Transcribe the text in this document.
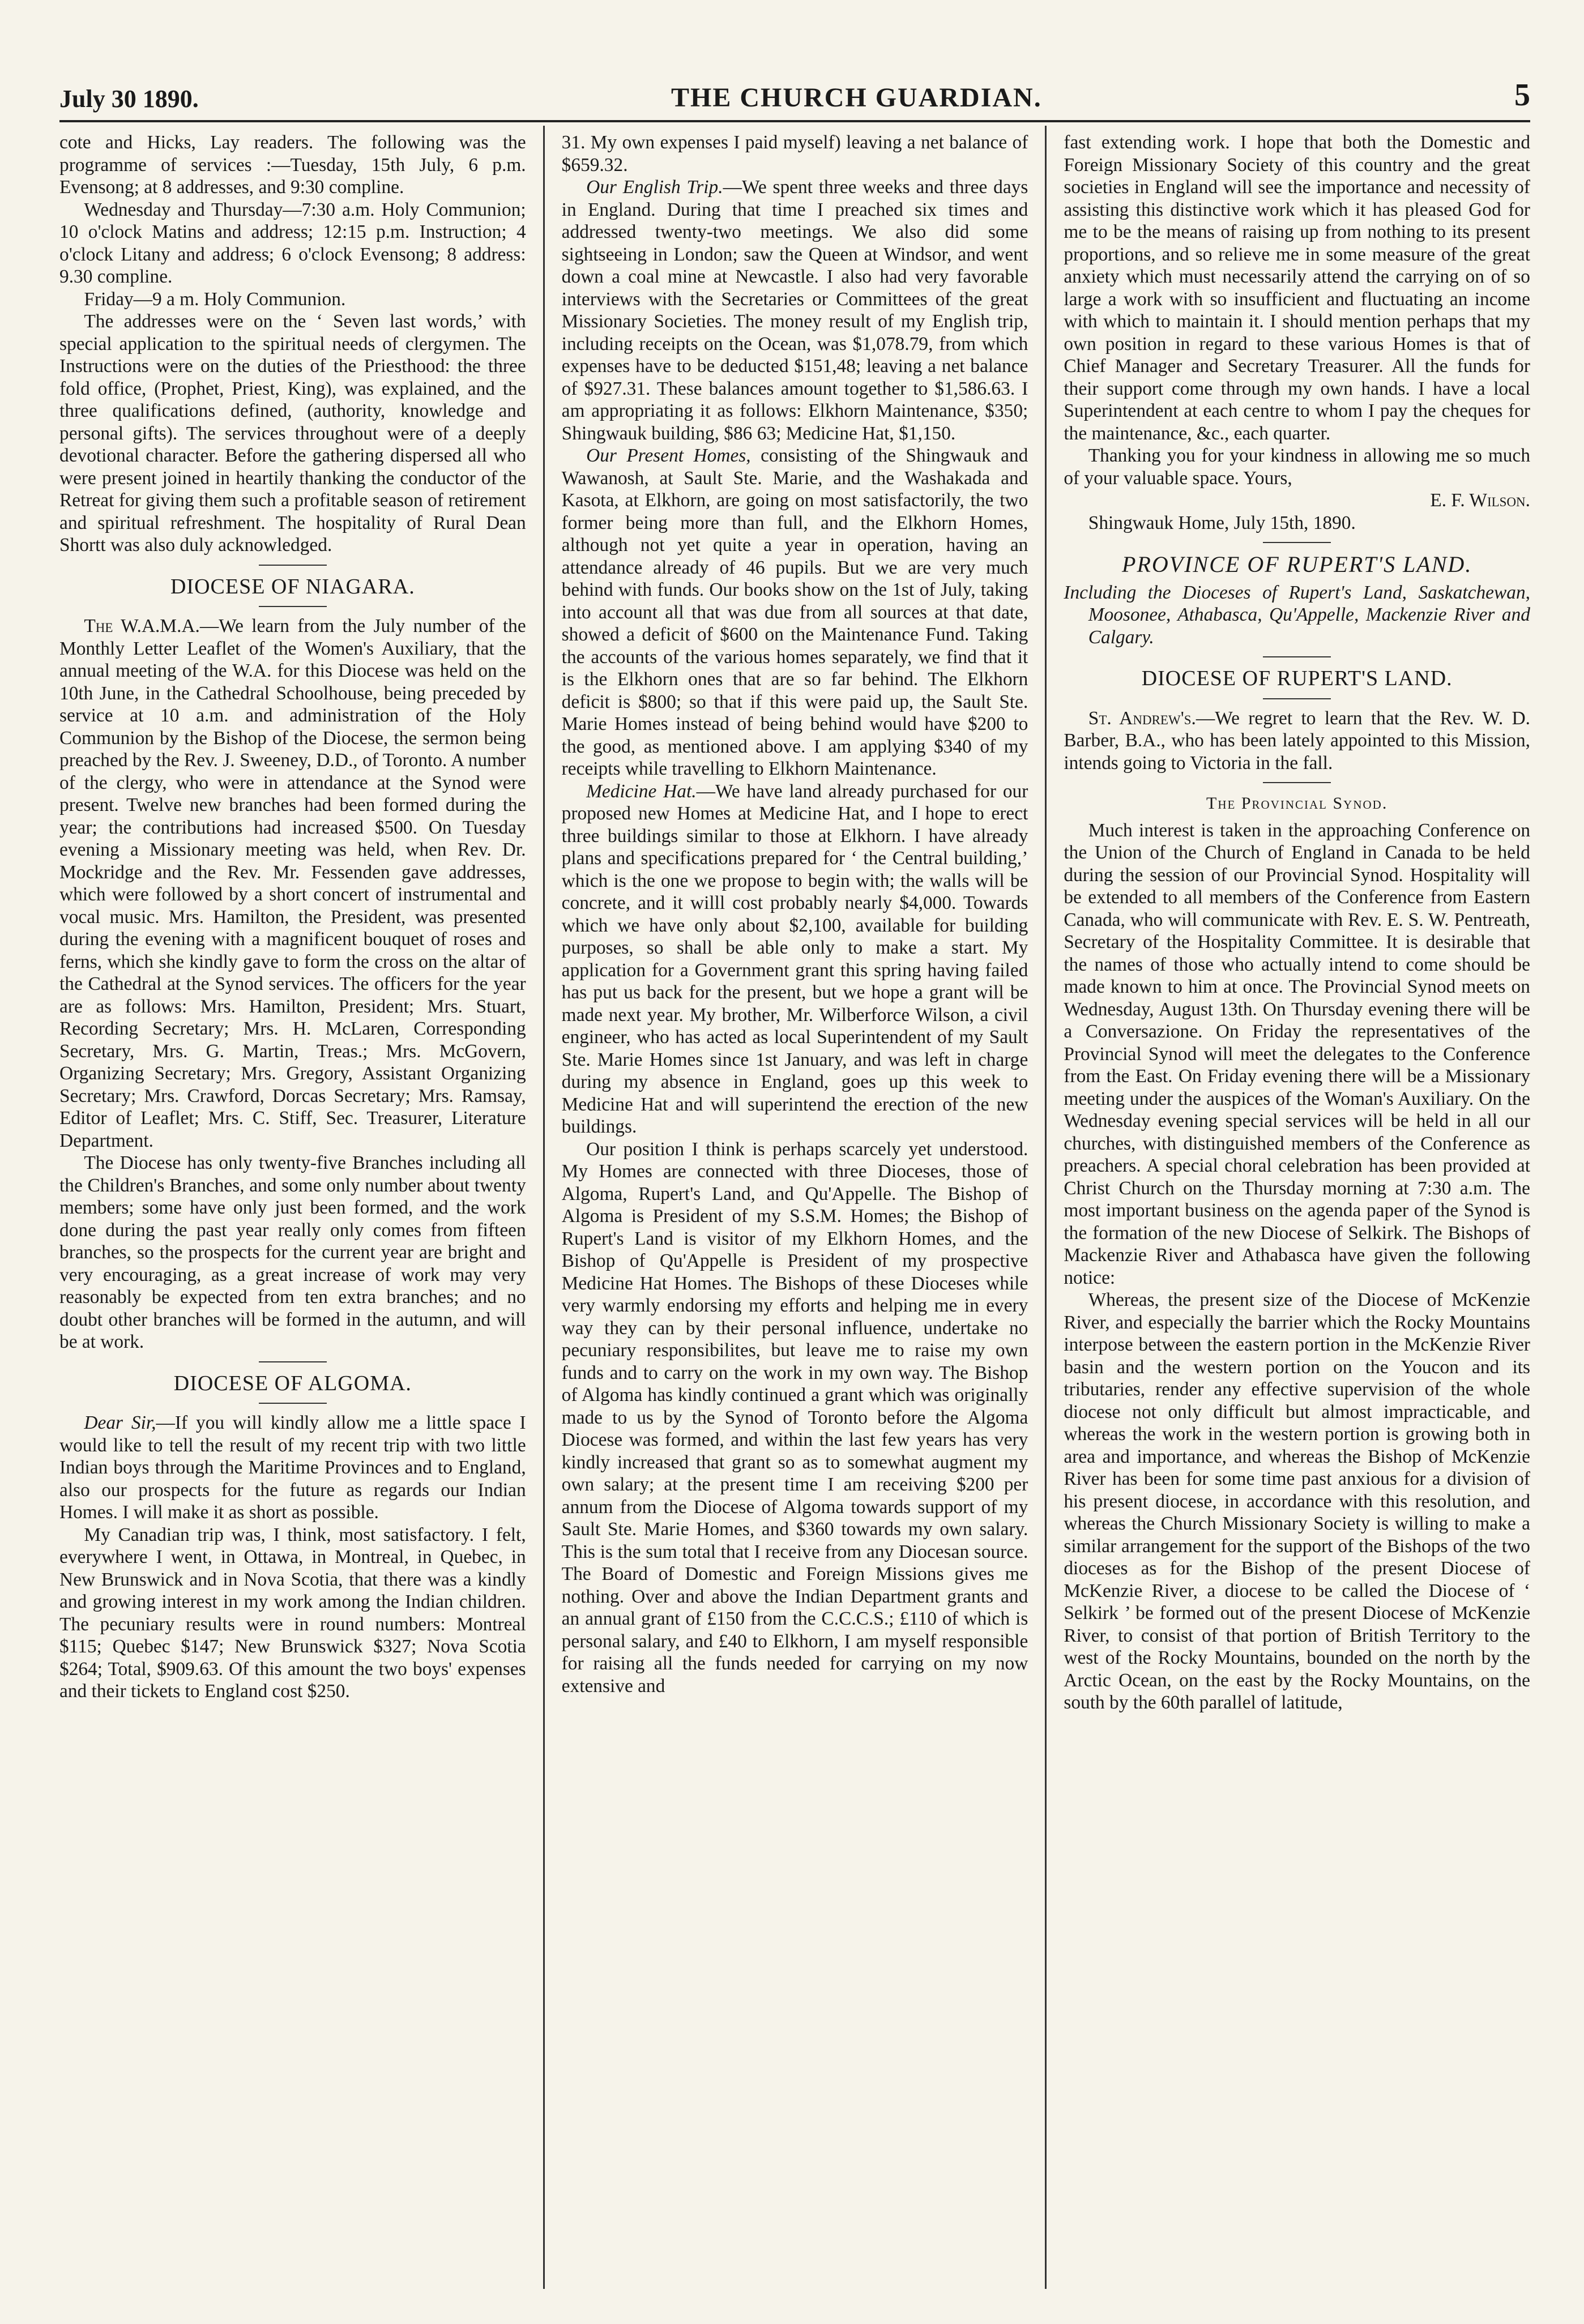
July 30 1890.	THE CHURCH GUARDIAN.	5

cote and Hicks, Lay readers. The following was the programme of services :—Tuesday, 15th July, 6 p.m. Evensong; at 8 addresses, and 9:30 compline.

Wednesday and Thursday—7:30 a.m. Holy Communion; 10 o'clock Matins and address; 12:15 p.m. Instruction; 4 o'clock Litany and address; 6 o'clock Evensong; 8 address: 9.30 compline.

Friday—9 a m. Holy Communion.

The addresses were on the ‘ Seven last words,’ with special application to the spiritual needs of clergymen. The Instructions were on the duties of the Priesthood: the three fold office, (Prophet, Priest, King), was explained, and the three qualifications defined, (authority, knowledge and personal gifts). The services throughout were of a deeply devotional character. Before the gathering dispersed all who were present joined in heartily thanking the conductor of the Retreat for giving them such a profitable season of retirement and spiritual refreshment. The hospitality of Rural Dean Shortt was also duly acknowledged.

DIOCESE OF NIAGARA.

The W.A.M.A.—We learn from the July number of the Monthly Letter Leaflet of the Women's Auxiliary, that the annual meeting of the W.A. for this Diocese was held on the 10th June, in the Cathedral Schoolhouse, being preceded by service at 10 a.m. and administration of the Holy Communion by the Bishop of the Diocese, the sermon being preached by the Rev. J. Sweeney, D.D., of Toronto. A number of the clergy, who were in attendance at the Synod were present. Twelve new branches had been formed during the year; the contributions had increased $500. On Tuesday evening a Missionary meeting was held, when Rev. Dr. Mockridge and the Rev. Mr. Fessenden gave addresses, which were followed by a short concert of instrumental and vocal music. Mrs. Hamilton, the President, was presented during the evening with a magnificent bouquet of roses and ferns, which she kindly gave to form the cross on the altar of the Cathedral at the Synod services. The officers for the year are as follows: Mrs. Hamilton, President; Mrs. Stuart, Recording Secretary; Mrs. H. McLaren, Corresponding Secretary, Mrs. G. Martin, Treas.; Mrs. McGovern, Organizing Secretary; Mrs. Gregory, Assistant Organizing Secretary; Mrs. Crawford, Dorcas Secretary; Mrs. Ramsay, Editor of Leaflet; Mrs. C. Stiff, Sec. Treasurer, Literature Department.

The Diocese has only twenty-five Branches including all the Children's Branches, and some only number about twenty members; some have only just been formed, and the work done during the past year really only comes from fifteen branches, so the prospects for the current year are bright and very encouraging, as a great increase of work may very reasonably be expected from ten extra branches; and no doubt other branches will be formed in the autumn, and will be at work.

DIOCESE OF ALGOMA.

Dear Sir,—If you will kindly allow me a little space I would like to tell the result of my recent trip with two little Indian boys through the Maritime Provinces and to England, also our prospects for the future as regards our Indian Homes. I will make it as short as possible.

My Canadian trip was, I think, most satisfactory. I felt, everywhere I went, in Ottawa, in Montreal, in Quebec, in New Brunswick and in Nova Scotia, that there was a kindly and growing interest in my work among the Indian children. The pecuniary results were in round numbers: Montreal $115; Quebec $147; New Brunswick $327; Nova Scotia $264; Total, $909.63. Of this amount the two boys' expenses and their tickets to England cost $250.

31. My own expenses I paid myself) leaving a net balance of $659.32.

Our English Trip.—We spent three weeks and three days in England. During that time I preached six times and addressed twenty-two meetings. We also did some sightseeing in London; saw the Queen at Windsor, and went down a coal mine at Newcastle. I also had very favorable interviews with the Secretaries or Committees of the great Missionary Societies. The money result of my English trip, including receipts on the Ocean, was $1,078.79, from which expenses have to be deducted $151,48; leaving a net balance of $927.31. These balances amount together to $1,586.63. I am appropriating it as follows: Elkhorn Maintenance, $350; Shingwauk building, $86 63; Medicine Hat, $1,150.

Our Present Homes, consisting of the Shingwauk and Wawanosh, at Sault Ste. Marie, and the Washakada and Kasota, at Elkhorn, are going on most satisfactorily, the two former being more than full, and the Elkhorn Homes, although not yet quite a year in operation, having an attendance already of 46 pupils. But we are very much behind with funds. Our books show on the 1st of July, taking into account all that was due from all sources at that date, showed a deficit of $600 on the Maintenance Fund. Taking the accounts of the various homes separately, we find that it is the Elkhorn ones that are so far behind. The Elkhorn deficit is $800; so that if this were paid up, the Sault Ste. Marie Homes instead of being behind would have $200 to the good, as mentioned above. I am applying $340 of my receipts while travelling to Elkhorn Maintenance.

Medicine Hat.—We have land already purchased for our proposed new Homes at Medicine Hat, and I hope to erect three buildings similar to those at Elkhorn. I have already plans and specifications prepared for ‘ the Central building,’ which is the one we propose to begin with; the walls will be concrete, and it willl cost probably nearly $4,000. Towards which we have only about $2,100, available for building purposes, so shall be able only to make a start. My application for a Government grant this spring having failed has put us back for the present, but we hope a grant will be made next year. My brother, Mr. Wilberforce Wilson, a civil engineer, who has acted as local Superintendent of my Sault Ste. Marie Homes since 1st January, and was left in charge during my absence in England, goes up this week to Medicine Hat and will superintend the erection of the new buildings.

Our position I think is perhaps scarcely yet understood. My Homes are connected with three Dioceses, those of Algoma, Rupert's Land, and Qu'Appelle. The Bishop of Algoma is President of my S.S.M. Homes; the Bishop of Rupert's Land is visitor of my Elkhorn Homes, and the Bishop of Qu'Appelle is President of my prospective Medicine Hat Homes. The Bishops of these Dioceses while very warmly endorsing my efforts and helping me in every way they can by their personal influence, undertake no pecuniary responsibilites, but leave me to raise my own funds and to carry on the work in my own way. The Bishop of Algoma has kindly continued a grant which was originally made to us by the Synod of Toronto before the Algoma Diocese was formed, and within the last few years has very kindly increased that grant so as to somewhat augment my own salary; at the present time I am receiving $200 per annum from the Diocese of Algoma towards support of my Sault Ste. Marie Homes, and $360 towards my own salary. This is the sum total that I receive from any Diocesan source. The Board of Domestic and Foreign Missions gives me nothing. Over and above the Indian Department grants and an annual grant of £150 from the C.C.C.S.; £110 of which is personal salary, and £40 to Elkhorn, I am myself responsible for raising all the funds needed for carrying on my now extensive and

fast extending work. I hope that both the Domestic and Foreign Missionary Society of this country and the great societies in England will see the importance and necessity of assisting this distinctive work which it has pleased God for me to be the means of raising up from nothing to its present proportions, and so relieve me in some measure of the great anxiety which must necessarily attend the carrying on of so large a work with so insufficient and fluctuating an income with which to maintain it. I should mention perhaps that my own position in regard to these various Homes is that of Chief Manager and Secretary Treasurer. All the funds for their support come through my own hands. I have a local Superintendent at each centre to whom I pay the cheques for the maintenance, &c., each quarter.

Thanking you for your kindness in allowing me so much of your valuable space. Yours,

E. F. Wilson.

Shingwauk Home, July 15th, 1890.

PROVINCE OF RUPERT'S LAND.
Including the Dioceses of Rupert's Land, Saskatchewan, Moosonee, Athabasca, Qu'Appelle, Mackenzie River and Calgary.
DIOCESE OF RUPERT'S LAND.

St. Andrew's.—We regret to learn that the Rev. W. D. Barber, B.A., who has been lately appointed to this Mission, intends going to Victoria in the fall.

The Provincial Synod.

Much interest is taken in the approaching Conference on the Union of the Church of England in Canada to be held during the session of our Provincial Synod. Hospitality will be extended to all members of the Conference from Eastern Canada, who will communicate with Rev. E. S. W. Pentreath, Secretary of the Hospitality Committee. It is desirable that the names of those who actually intend to come should be made known to him at once. The Provincial Synod meets on Wednesday, August 13th. On Thursday evening there will be a Conversazione. On Friday the representatives of the Provincial Synod will meet the delegates to the Conference from the East. On Friday evening there will be a Missionary meeting under the auspices of the Woman's Auxiliary. On the Wednesday evening special services will be held in all our churches, with distinguished members of the Conference as preachers. A special choral celebration has been provided at Christ Church on the Thursday morning at 7:30 a.m. The most important business on the agenda paper of the Synod is the formation of the new Diocese of Selkirk. The Bishops of Mackenzie River and Athabasca have given the following notice:

Whereas, the present size of the Diocese of McKenzie River, and especially the barrier which the Rocky Mountains interpose between the eastern portion in the McKenzie River basin and the western portion on the Youcon and its tributaries, render any effective supervision of the whole diocese not only difficult but almost impracticable, and whereas the work in the western portion is growing both in area and importance, and whereas the Bishop of McKenzie River has been for some time past anxious for a division of his present diocese, in accordance with this resolution, and whereas the Church Missionary Society is willing to make a similar arrangement for the support of the Bishops of the two dioceses as for the Bishop of the present Diocese of McKenzie River, a diocese to be called the Diocese of ‘ Selkirk ’ be formed out of the present Diocese of McKenzie River, to consist of that portion of British Territory to the west of the Rocky Mountains, bounded on the north by the Arctic Ocean, on the east by the Rocky Mountains, on the south by the 60th parallel of latitude,
